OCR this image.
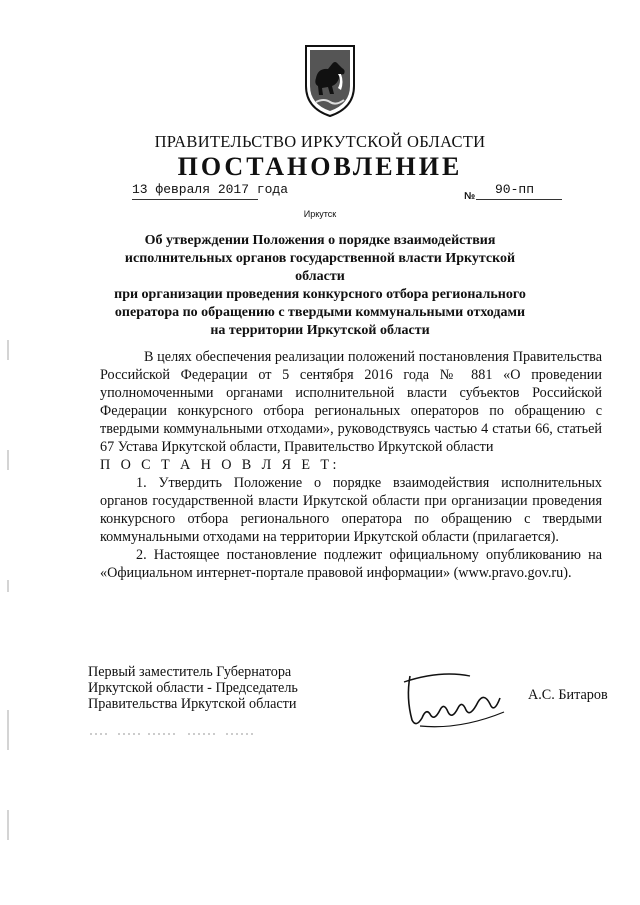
ПРАВИТЕЛЬСТВО ИРКУТСКОЙ ОБЛАСТИ
ПОСТАНОВЛЕНИЕ
13 февраля 2017 года	№ 90-пп
Иркутск
Об утверждении Положения о порядке взаимодействия
исполнительных органов государственной власти Иркутской области
при организации проведения конкурсного отбора регионального
оператора по обращению с твердыми коммунальными отходами
на территории Иркутской области

В целях обеспечения реализации положений постановления Правительства Российской Федерации от 5 сентября 2016 года № 881 «О проведении уполномоченными органами исполнительной власти субъектов Российской Федерации конкурсного отбора региональных операторов по обращению с твердыми коммунальными отходами», руководствуясь частью 4 статьи 66, статьей 67 Устава Иркутской области, Правительство Иркутской области

П О С Т А Н О В Л Я Е Т:

1. Утвердить Положение о порядке взаимодействия исполнительных органов государственной власти Иркутской области при организации проведения конкурсного отбора регионального оператора по обращению с твердыми коммунальными отходами на территории Иркутской области (прилагается).

2. Настоящее постановление подлежит официальному опубликованию на «Официальном интернет-портале правовой информации» (www.pravo.gov.ru).

Первый заместитель Губернатора
Иркутской области - Председатель
Правительства Иркутской области
А.С. Битаров
